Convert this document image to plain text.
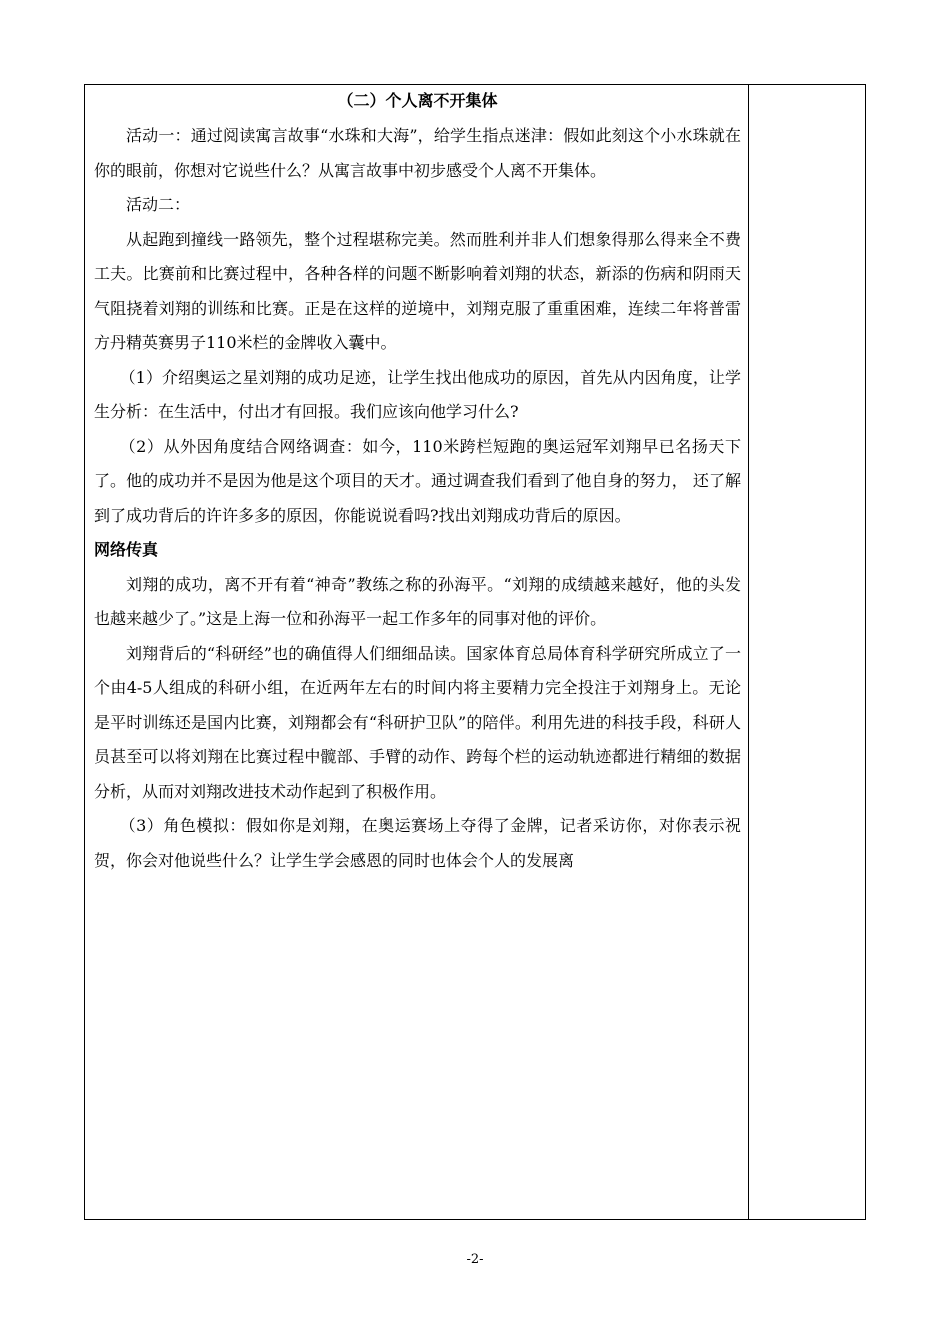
（二）个人离不开集体

活动一：通过阅读寓言故事“水珠和大海”，给学生指点迷津：假如此刻这个小水珠就在你的眼前，你想对它说些什么？从寓言故事中初步感受个人离不开集体。

活动二：

从起跑到撞线一路领先，整个过程堪称完美。然而胜利并非人们想象得那么得来全不费工夫。比赛前和比赛过程中，各种各样的问题不断影响着刘翔的状态，新添的伤病和阴雨天气阻挠着刘翔的训练和比赛。正是在这样的逆境中，刘翔克服了重重困难，连续二年将普雷方丹精英赛男子110米栏的金牌收入囊中。

（1）介绍奥运之星刘翔的成功足迹，让学生找出他成功的原因，首先从内因角度，让学生分析：在生活中，付出才有回报。我们应该向他学习什么?

（2）从外因角度结合网络调查：如今，110米跨栏短跑的奥运冠军刘翔早已名扬天下了。他的成功并不是因为他是这个项目的天才。通过调查我们看到了他自身的努力， 还了解到了成功背后的许许多多的原因，你能说说看吗?找出刘翔成功背后的原因。

网络传真

刘翔的成功，离不开有着“神奇”教练之称的孙海平。“刘翔的成绩越来越好，他的头发也越来越少了。”这是上海一位和孙海平一起工作多年的同事对他的评价。

刘翔背后的“科研经”也的确值得人们细细品读。国家体育总局体育科学研究所成立了一个由4-5人组成的科研小组，在近两年左右的时间内将主要精力完全投注于刘翔身上。无论是平时训练还是国内比赛，刘翔都会有“科研护卫队”的陪伴。利用先进的科技手段，科研人员甚至可以将刘翔在比赛过程中髋部、手臂的动作、跨每个栏的运动轨迹都进行精细的数据分析，从而对刘翔改进技术动作起到了积极作用。

（3）角色模拟：假如你是刘翔，在奥运赛场上夺得了金牌，记者采访你，对你表示祝贺，你会对他说些什么？让学生学会感恩的同时也体会个人的发展离

-2-
